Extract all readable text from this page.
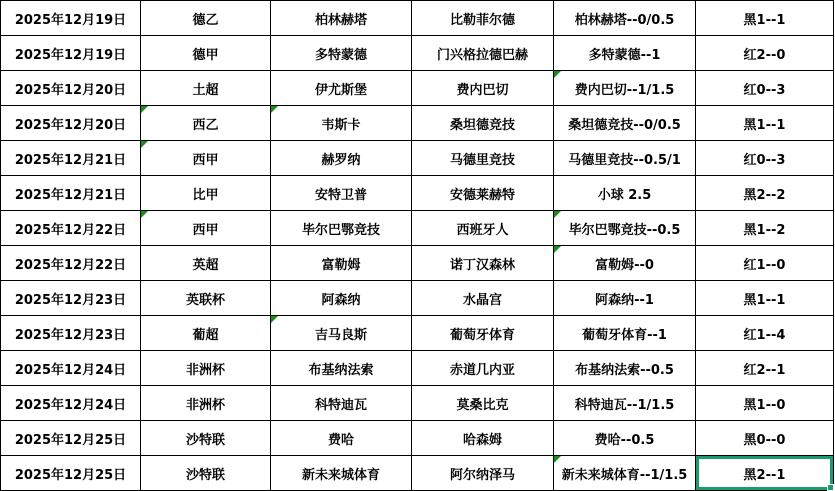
2025年12月19日	德乙	柏林赫塔	比勒菲尔德	柏林赫塔--0/0.5	黑1--1
2025年12月19日	德甲	多特蒙德	门兴格拉德巴赫	多特蒙德--1	红2--0
2025年12月20日	土超	伊尤斯堡	费内巴切	费内巴切--1/1.5	红0--3
2025年12月20日	西乙	韦斯卡	桑坦德竞技	桑坦德竞技--0/0.5	黑1--1
2025年12月21日	西甲	赫罗纳	马德里竞技	马德里竞技--0.5/1	红0--3
2025年12月21日	比甲	安特卫普	安德莱赫特	小球 2.5	黑2--2
2025年12月22日	西甲	毕尔巴鄂竞技	西班牙人	毕尔巴鄂竞技--0.5	黑1--2
2025年12月22日	英超	富勒姆	诺丁汉森林	富勒姆--0	红1--0
2025年12月23日	英联杯	阿森纳	水晶宫	阿森纳--1	黑1--1
2025年12月23日	葡超	吉马良斯	葡萄牙体育	葡萄牙体育--1	红1--4
2025年12月24日	非洲杯	布基纳法索	赤道几内亚	布基纳法索--0.5	红2--1
2025年12月24日	非洲杯	科特迪瓦	莫桑比克	科特迪瓦--1/1.5	黑1--0
2025年12月25日	沙特联	费哈	哈森姆	费哈--0.5	黑0--0
2025年12月25日	沙特联	新未来城体育	阿尔纳泽马	新未来城体育--1/1.5	黑2--1
